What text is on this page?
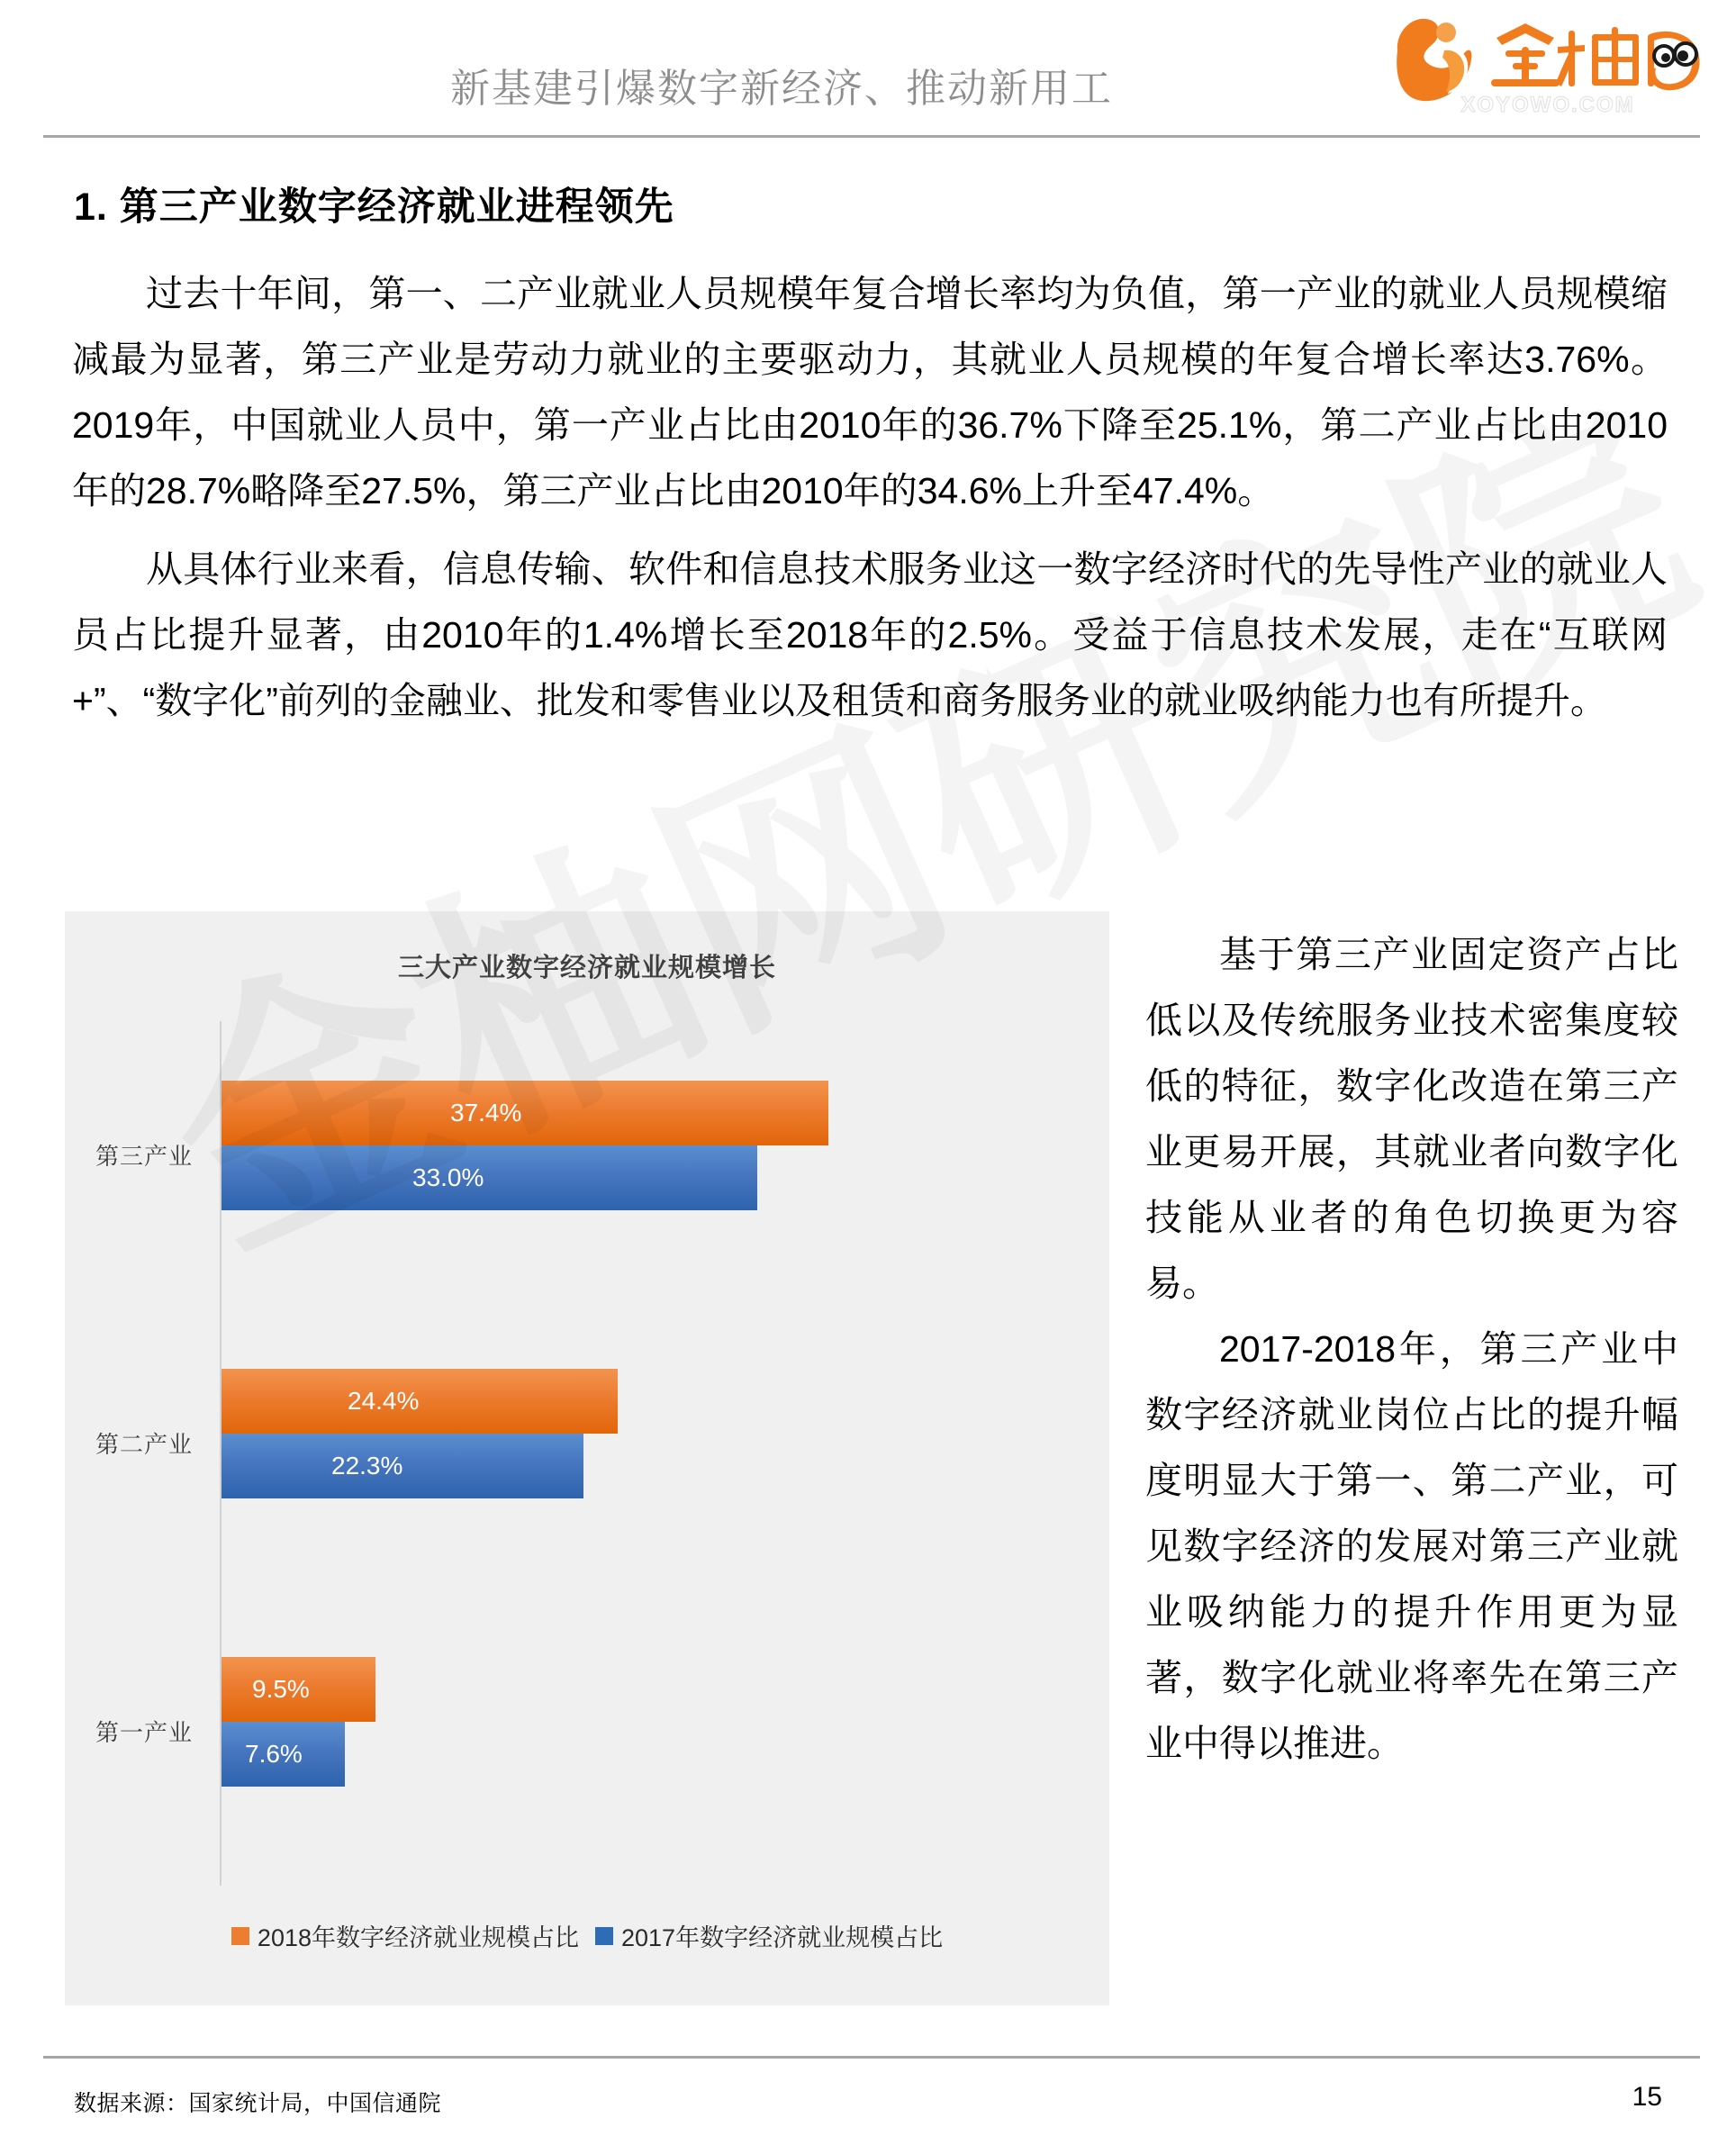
新基建引爆数字新经济、推动新用工	XOYOWO.COM
1. 第三产业数字经济就业进程领先

过去十年间，第一、二产业就业人员规模年复合增长率均为负值，第一产业的就业人员规模缩减最为显著，第三产业是劳动力就业的主要驱动力，其就业人员规模的年复合增长率达3.76%。2019年，中国就业人员中，第一产业占比由2010年的36.7%下降至25.1%，第二产业占比由2010年的28.7%略降至27.5%，第三产业占比由2010年的34.6%上升至47.4%。

从具体行业来看，信息传输、软件和信息技术服务业这一数字经济时代的先导性产业的就业人员占比提升显著，由2010年的1.4%增长至2018年的2.5%。受益于信息技术发展，走在“互联网+”、“数字化”前列的金融业、批发和零售业以及租赁和商务服务业的就业吸纳能力也有所提升。

三大产业数字经济就业规模增长
第三产业
37.4%
33.0%
第二产业
24.4%
22.3%
第一产业
9.5%
7.6%
2018年数字经济就业规模占比 2017年数字经济就业规模占比

基于第三产业固定资产占比低以及传统服务业技术密集度较低的特征，数字化改造在第三产业更易开展，其就业者向数字化技能从业者的角色切换更为容易。

2017-2018年，第三产业中数字经济就业岗位占比的提升幅度明显大于第一、第二产业，可见数字经济的发展对第三产业就业吸纳能力的提升作用更为显著，数字化就业将率先在第三产业中得以推进。

数据来源：国家统计局，中国信通院	15
